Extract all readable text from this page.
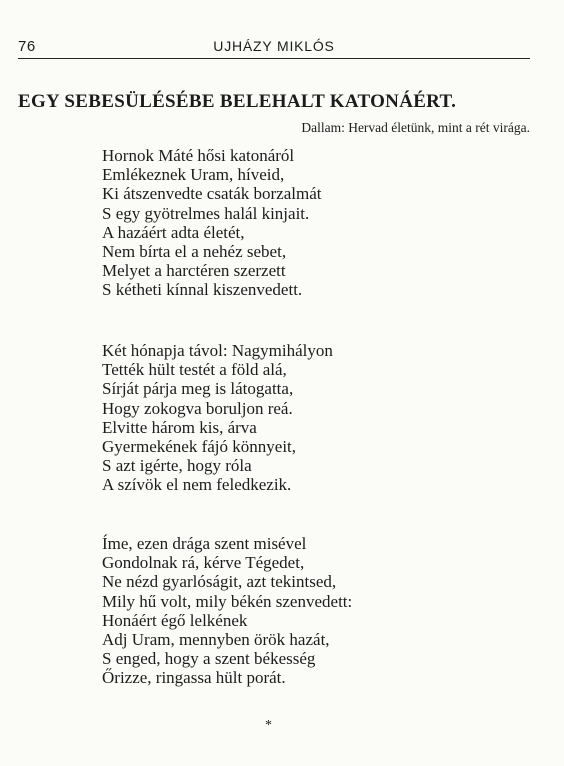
76	UJHÁZY MIKLÓS
EGY SEBESÜLÉSÉBE BELEHALT KATONÁÉRT.
Dallam: Hervad életünk, mint a rét virága.
Hornok Máté hősi katonáról
Emlékeznek Uram, híveid,
Ki átszenvedte csaták borzalmát
S egy gyötrelmes halál kinjait.
A hazáért adta életét,
Nem bírta el a nehéz sebet,
Melyet a harctéren szerzett
S kétheti kínnal kiszenvedett.
Két hónapja távol: Nagymihályon
Tették hült testét a föld alá,
Sírját párja meg is látogatta,
Hogy zokogva boruljon reá.
Elvitte három kis, árva
Gyermekének fájó könnyeit,
S azt igérte, hogy róla
A szívök el nem feledkezik.
Íme, ezen drága szent misével
Gondolnak rá, kérve Tégedet,
Ne nézd gyarlóságit, azt tekintsed,
Mily hű volt, mily békén szenvedett:
Honáért égő lelkének
Adj Uram, mennyben örök hazát,
S enged, hogy a szent békesség
Őrizze, ringassa hült porát.
*
